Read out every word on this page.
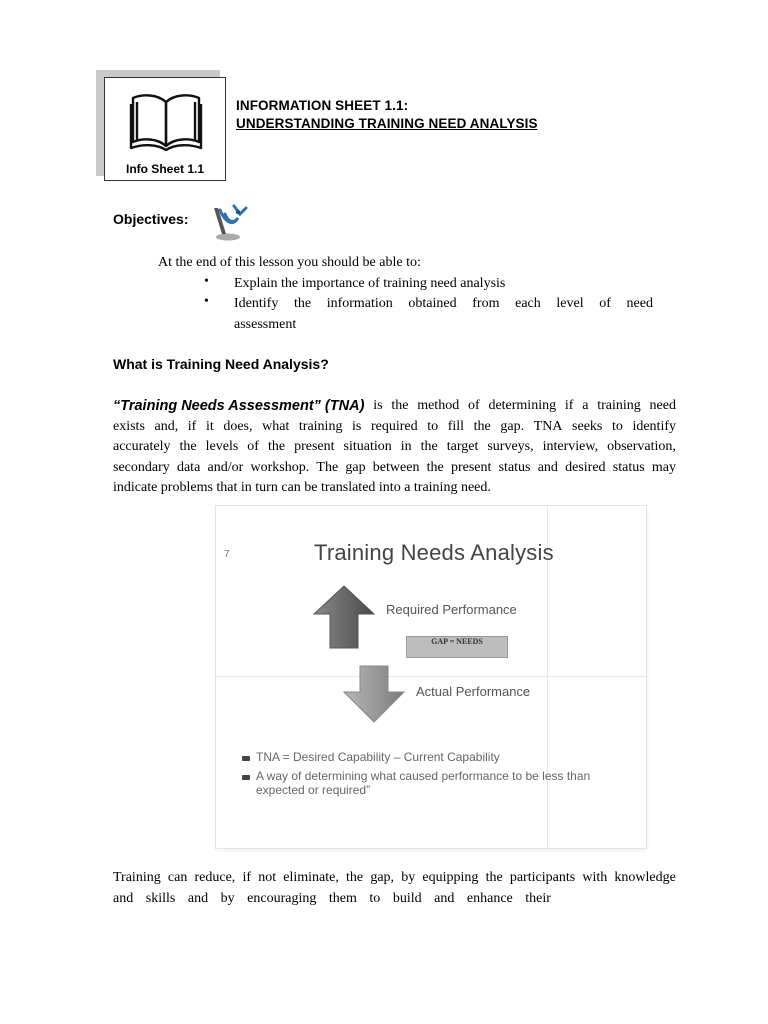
Info Sheet 1.1
INFORMATION SHEET 1.1:
UNDERSTANDING TRAINING NEED ANALYSIS
Objectives:
At the end of this lesson you should be able to:
• Explain the importance of training need analysis
• Identify the information obtained from each level of need
assessment
What is Training Need Analysis?
“Training Needs Assessment” (TNA) is the method of determining if a training need
exists and, if it does, what training is required to fill the gap. TNA seeks to identify
accurately the levels of the present situation in the target surveys, interview, observation,
secondary data and/or workshop. The gap between the present status and desired status may
indicate problems that in turn can be translated into a training need.
7	Training Needs Analysis
Required Performance
GAP = NEEDS
Actual Performance
TNA = Desired Capability – Current Capability
A way of determining what caused performance to be less than expected or required”
Training can reduce, if not eliminate, the gap, by equipping the participants with knowledge
and skills and by encouraging them to build and enhance their
